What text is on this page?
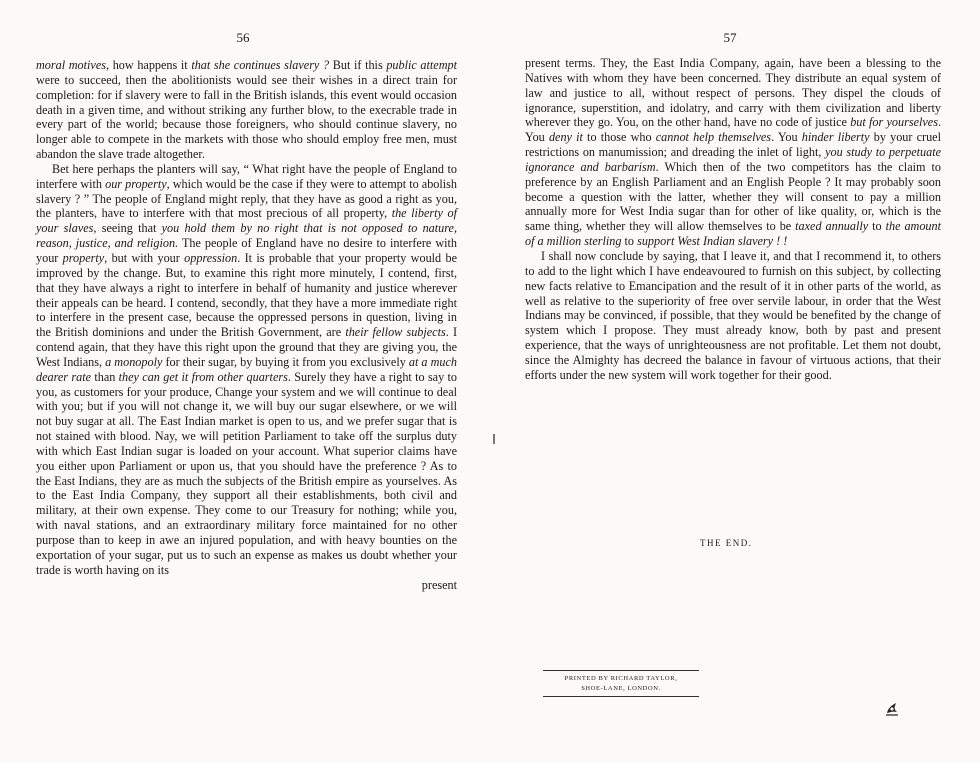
56

moral motives, how happens it that she continues slavery ? But if this public attempt were to succeed, then the abolitionists would see their wishes in a direct train for completion: for if slavery were to fall in the British islands, this event would occasion death in a given time, and without striking any further blow, to the execrable trade in every part of the world; because those foreigners, who should continue slavery, no longer able to compete in the markets with those who should employ free men, must abandon the slave trade altogether.

Bet here perhaps the planters will say, “ What right have the people of England to interfere with our property, which would be the case if they were to attempt to abolish slavery ? ” The people of England might reply, that they have as good a right as you, the planters, have to interfere with that most precious of all property, the liberty of your slaves, seeing that you hold them by no right that is not opposed to nature, reason, justice, and religion. The people of England have no desire to interfere with your property, but with your oppression. It is probable that your property would be improved by the change. But, to examine this right more minutely, I contend, first, that they have always a right to interfere in behalf of humanity and justice wherever their appeals can be heard. I contend, secondly, that they have a more immediate right to interfere in the present case, because the oppressed persons in question, living in the British dominions and under the British Government, are their fellow subjects. I contend again, that they have this right upon the ground that they are giving you, the West Indians, a monopoly for their sugar, by buying it from you exclusively at a much dearer rate than they can get it from other quarters. Surely they have a right to say to you, as customers for your produce, Change your system and we will continue to deal with you; but if you will not change it, we will buy our sugar elsewhere, or we will not buy sugar at all. The East Indian market is open to us, and we prefer sugar that is not stained with blood. Nay, we will petition Parliament to take off the surplus duty with which East Indian sugar is loaded on your account. What superior claims have you either upon Parliament or upon us, that you should have the preference ? As to the East Indians, they are as much the subjects of the British empire as yourselves. As to the East India Company, they support all their establishments, both civil and military, at their own expense. They come to our Treasury for nothing; while you, with naval stations, and an extraordinary military force maintained for no other purpose than to keep in awe an injured population, and with heavy bounties on the exportation of your sugar, put us to such an expense as makes us doubt whether your trade is worth having on its

present

57

present terms. They, the East India Company, again, have been a blessing to the Natives with whom they have been concerned. They distribute an equal system of law and justice to all, without respect of persons. They dispel the clouds of ignorance, superstition, and idolatry, and carry with them civilization and liberty wherever they go. You, on the other hand, have no code of justice but for yourselves. You deny it to those who cannot help themselves. You hinder liberty by your cruel restrictions on manumission; and dreading the inlet of light, you study to perpetuate ignorance and barbarism. Which then of the two competitors has the claim to preference by an English Parliament and an English People ? It may probably soon become a question with the latter, whether they will consent to pay a million annually more for West India sugar than for other of like quality, or, which is the same thing, whether they will allow themselves to be taxed annually to the amount of a million sterling to support West Indian slavery ! !

I shall now conclude by saying, that I leave it, and that I recommend it, to others to add to the light which I have endeavoured to furnish on this subject, by collecting new facts relative to Emancipation and the result of it in other parts of the world, as well as relative to the superiority of free over servile labour, in order that the West Indians may be convinced, if possible, that they would be benefited by the change of system which I propose. They must already know, both by past and present experience, that the ways of unrighteousness are not profitable. Let them not doubt, since the Almighty has decreed the balance in favour of virtuous actions, that their efforts under the new system will work together for their good.

THE END.
PRINTED BY RICHARD TAYLOR,
SHOE-LANE, LONDON.
